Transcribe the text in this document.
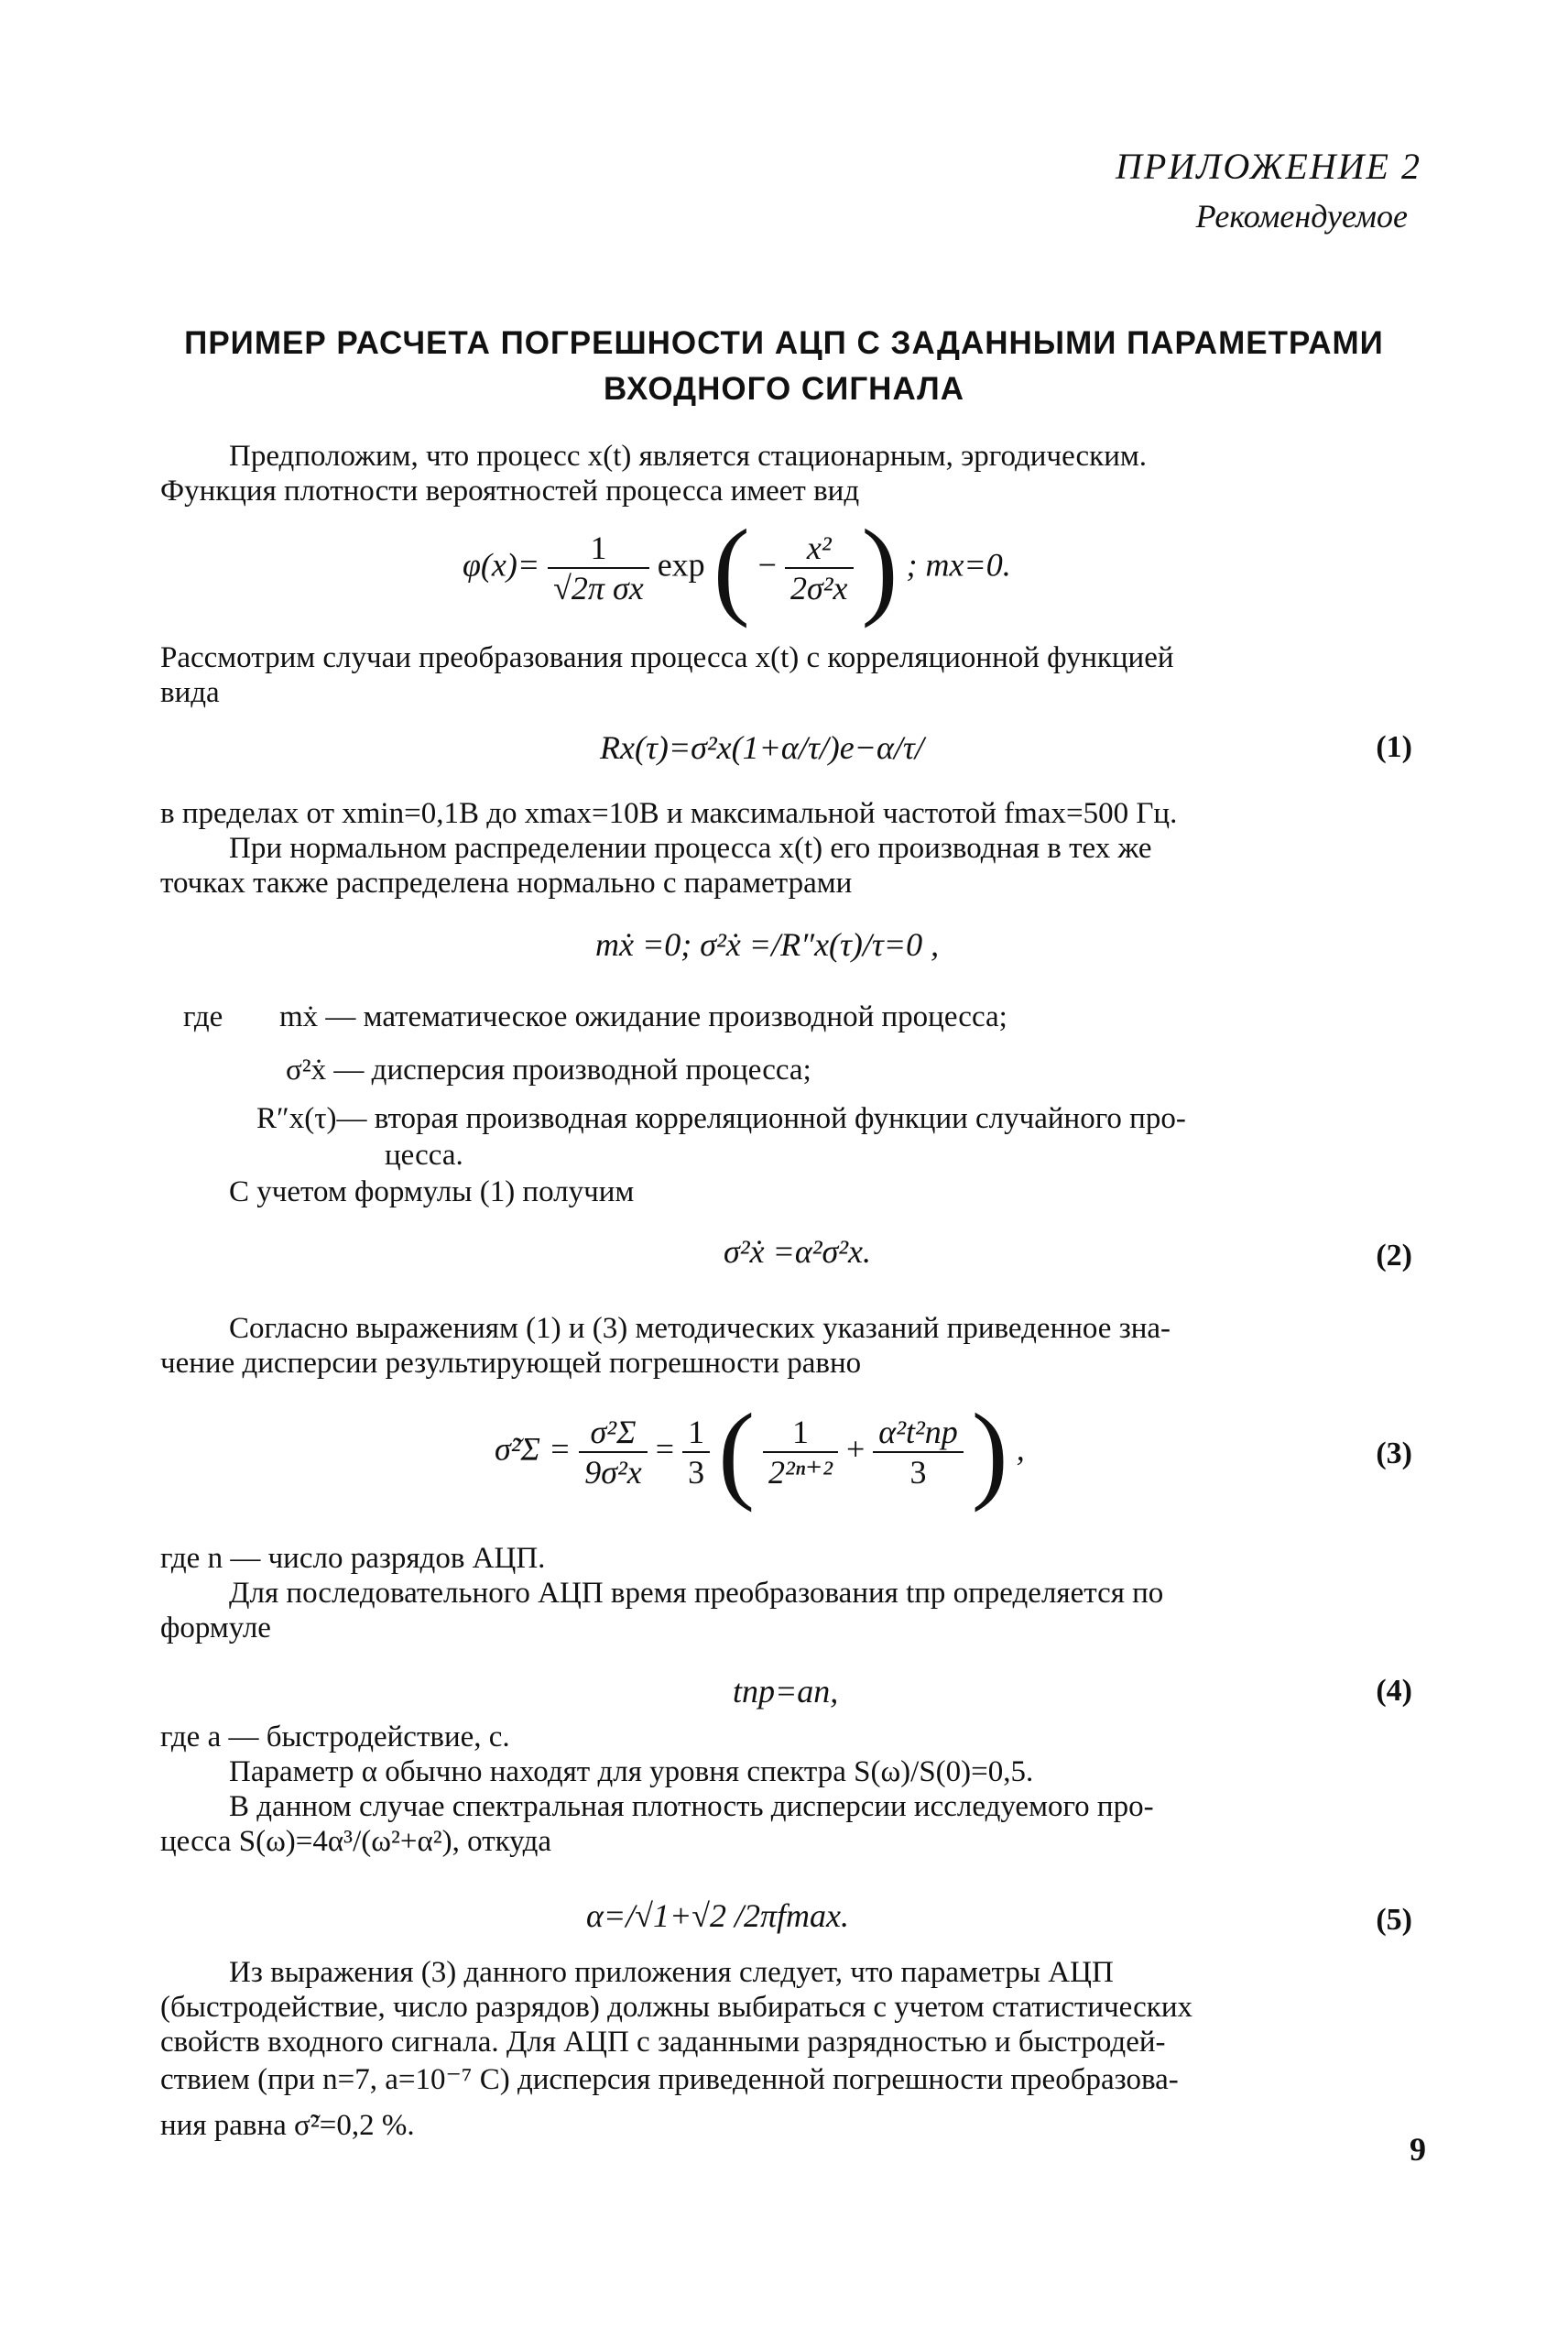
ПРИЛОЖЕНИЕ 2
Рекомендуемое
ПРИМЕР РАСЧЕТА ПОГРЕШНОСТИ АЦП С ЗАДАННЫМИ ПАРАМЕТРАМИ
ВХОДНОГО СИГНАЛА
Предположим, что процесс x(t) является стационарным, эргодическим.
Функция плотности вероятностей процесса имеет вид
$\varphi(x)= \frac{1}{\text{√2π σx}}$ exp ( − $\frac{\text{x²}}{\text{2σ²x}}$ ) ; mx=0.
Рассмотрим случаи преобразования процесса x(t) с корреляционной функцией
вида
Rx(τ)=σ²x(1+α/τ/)e−α/τ/	(1)
в пределах от xmin=0,1В до xmax=10В и максимальной частотой fmax=500 Гц.
При нормальном распределении процесса x(t) его производная в тех же
точках также распределена нормально с параметрами
mẋ =0; σ²ẋ =/R″x(τ)/τ=0 ,
где mẋ — математическое ожидание производной процесса;
σ²ẋ — дисперсия производной процесса;
R″x(τ)— вторая производная корреляционной функции случайного про-
цесса.
С учетом формулы (1) получим
σ²ẋ =α²σ²x.	(2)
Согласно выражениям (1) и (3) методических указаний приведенное зна-
чение дисперсии результирующей погрешности равно
σ̃²Σ = $\frac{\text{σ²Σ}}{\text{9σ²x}} = \frac{1}{3}$ ( $\frac{1}{\text{2²ⁿ⁺²}} + \frac{\text{α²t²пр}}{3}$ ) ,	(3)
где n — число разрядов АЦП.
Для последовательного АЦП время преобразования tпр определяется по
формуле
tпр=an,	(4)
где a — быстродействие, с.
Параметр α обычно находят для уровня спектра S(ω)/S(0)=0,5.
В данном случае спектральная плотность дисперсии исследуемого про-
цесса S(ω)=4α³/(ω²+α²), откуда
α=/√1+√2 /2πfmax.	(5)
Из выражения (3) данного приложения следует, что параметры АЦП
(быстродействие, число разрядов) должны выбираться с учетом статистических
свойств входного сигнала. Для АЦП с заданными разрядностью и быстродей-
ствием (при n=7, a=10⁻⁷ C) дисперсия приведенной погрешности преобразова-
ния равна σ̃²=0,2 %.
9
